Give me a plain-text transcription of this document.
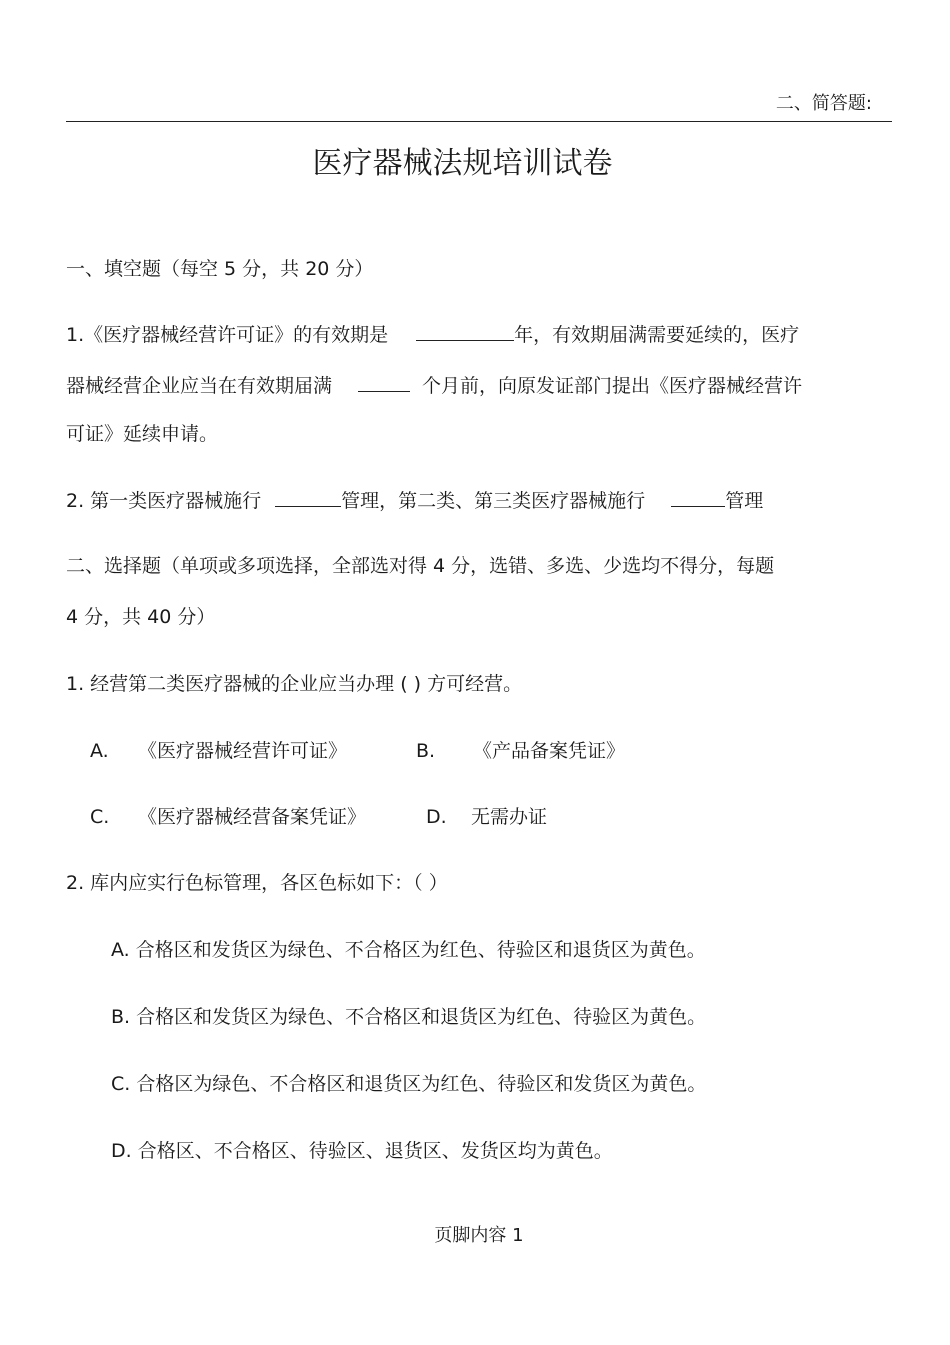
二、简答题:
医疗器械法规培训试卷
一、填空题（每空 5 分，共 20 分）
1.《医疗器械经营许可证》的有效期是	年，有效期届满需要延续的，医疗
器械经营企业应当在有效期届满	个月前，向原发证部门提出《医疗器械经营许
可证》延续申请。
2. 第一类医疗器械施行	管理，第二类、第三类医疗器械施行	管理
二、选择题（单项或多项选择，全部选对得 4 分，选错、多选、少选均不得分，每题
4 分，共 40 分）
1. 经营第二类医疗器械的企业应当办理 ( ) 方可经营。
A. 《医疗器械经营许可证》	B. 《产品备案凭证》
C. 《医疗器械经营备案凭证》	D. 无需办证
2. 库内应实行色标管理，各区色标如下：（ ）
A. 合格区和发货区为绿色、不合格区为红色、待验区和退货区为黄色。
B. 合格区和发货区为绿色、不合格区和退货区为红色、待验区为黄色。
C. 合格区为绿色、不合格区和退货区为红色、待验区和发货区为黄色。
D. 合格区、不合格区、待验区、退货区、发货区均为黄色。
页脚内容 1
